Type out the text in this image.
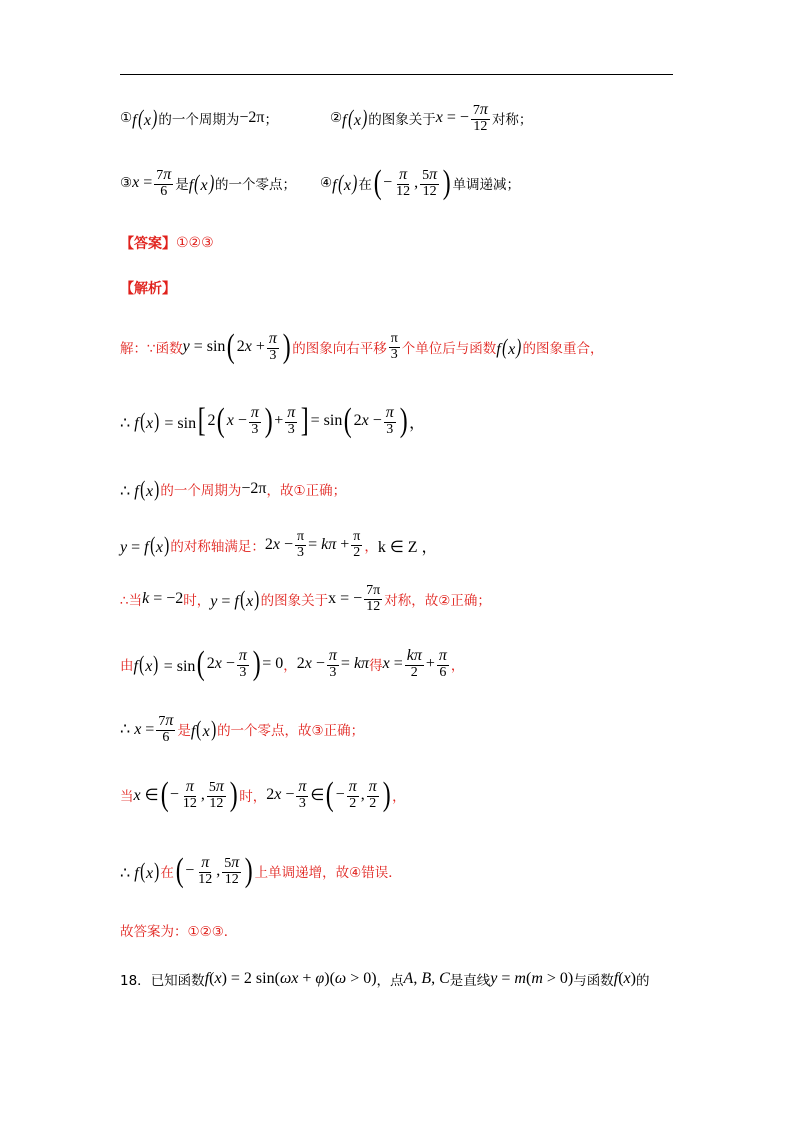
① f(x) 的一个周期为 −2π ；	② f(x) 的图象关于 x = − $\frac{7\pi}{12}$ 对称；
③ $x = \frac{7\pi}{6}$ 是 f(x) 的一个零点； ④ f(x) 在 ( − $\frac{\pi}{12}$ , $\frac{5\pi}{12}$ ) 单调递减；
【答案】 ①②③
【解析】
解：∵函数 y = sin ( $2x + \frac{\pi}{3}$ ) 的图象向右平移 $\frac{\pi}{3}$ 个单位后与函数 f(x) 的图象重合，
∴ f(x) = sin [ 2 ( $x - \frac{\pi}{3}$ ) + $\frac{\pi}{3}$ ] = sin ( $2x - \frac{\pi}{3}$ ) ，
∴ f(x) 的一个周期为 −2π ，故①正确；
y = f(x) 的对称轴满足： $2x - \frac{\pi}{3} = k\pi + \frac{\pi}{2}$ ， k ∈ Z ，
∴当 k = −2 时， y = f(x) 的图象关于 x = − $\frac{7\pi}{12}$ 对称，故②正确；
由 f(x) = sin ( $2x - \frac{\pi}{3}$ ) = 0 ， $2x - \frac{\pi}{3} = k\pi$ 得 $x = \frac{k\pi}{2} + \frac{\pi}{6}$ ，
∴ $x = \frac{7\pi}{6}$ 是 f(x) 的一个零点，故③正确；
当 x ∈ ( − $\frac{\pi}{12}$ , $\frac{5\pi}{12}$ ) 时， $2x - \frac{\pi}{3}$ ∈ ( − $\frac{\pi}{2}$ , $\frac{\pi}{2}$ ) ，
∴ f(x) 在 ( − $\frac{\pi}{12}$ , $\frac{5\pi}{12}$ ) 上单调递增，故④错误．
故答案为：①②③．
18． 已知函数 f(x) = 2 sin(ωx + φ)(ω > 0) ，点 A, B, C 是直线 y = m(m > 0) 与函数 f(x) 的
